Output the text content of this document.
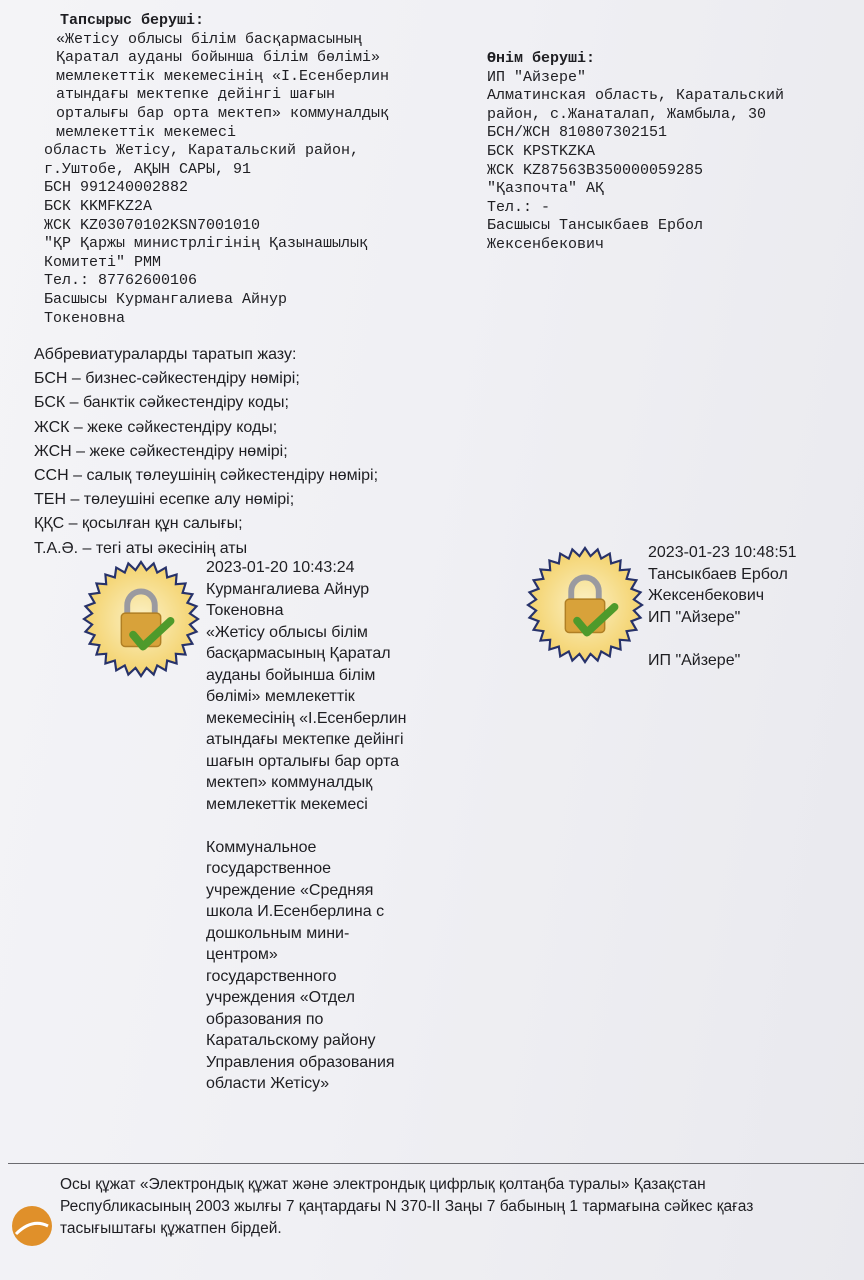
Тапсырыс беруші:
«Жетісу облысы білім басқармасының
Қаратал ауданы бойынша білім бөлімі»
мемлекеттік мекемесінің «I.Есенберлин
атындағы мектепке дейінгі шағын
орталығы бар орта мектеп» коммуналдық
мемлекеттік мекемесі
область Жетісу, Каратальский район,
г.Уштобе, АҚЫН САРЫ, 91
БСН 991240002882
БСК KKMFKZ2A
ЖСК KZ03070102KSN7001010
"ҚР Қаржы министрлігінің Қазынашылық
Комитеті" РММ
Тел.: 87762600106
Басшысы Курмангалиева Айнур
Токеновна
Өнім беруші:
ИП "Айзере"
Алматинская область, Каратальский
район, с.Жанаталап, Жамбыла, 30
БСН/ЖСН 810807302151
БСК KPSTKZKA
ЖСК KZ87563B350000059285
"Қазпочта" АҚ
Тел.: -
Басшысы Тансыкбаев Ербол
Жексенбекович
Аббревиатураларды таратып жазу:
БСН – бизнес-сәйкестендіру нөмірі;
БСК – банктік сәйкестендіру коды;
ЖСК – жеке сәйкестендіру коды;
ЖСН – жеке сәйкестендіру нөмірі;
ССН – салық төлеушінің сәйкестендіру нөмірі;
ТЕН – төлеушіні есепке алу нөмірі;
ҚҚС – қосылған құн салығы;
Т.А.Ә. – тегі аты әкесінің аты
2023-01-20 10:43:24
Курмангалиева Айнур
Токеновна
«Жетісу облысы білім
басқармасының Қаратал
ауданы бойынша білім
бөлімі» мемлекеттік
мекемесінің «I.Есенберлин
атындағы мектепке дейінгі
шағын орталығы бар орта
мектеп» коммуналдық
мемлекеттік мекемесі
Коммунальное
государственное
учреждение «Средняя
школа И.Есенберлина с
дошкольным мини-
центром»
государственного
учреждения «Отдел
образования по
Каратальскому району
Управления образования
области Жетісу»
2023-01-23 10:48:51
Тансыкбаев Ербол
Жексенбекович
ИП "Айзере"
ИП "Айзере"
Осы құжат «Электрондық құжат және электрондық цифрлық қолтаңба туралы» Қазақстан
Республикасының 2003 жылғы 7 қаңтардағы N 370-II Заңы 7 бабының 1 тармағына сәйкес қағаз
тасығыштағы құжатпен бірдей.
